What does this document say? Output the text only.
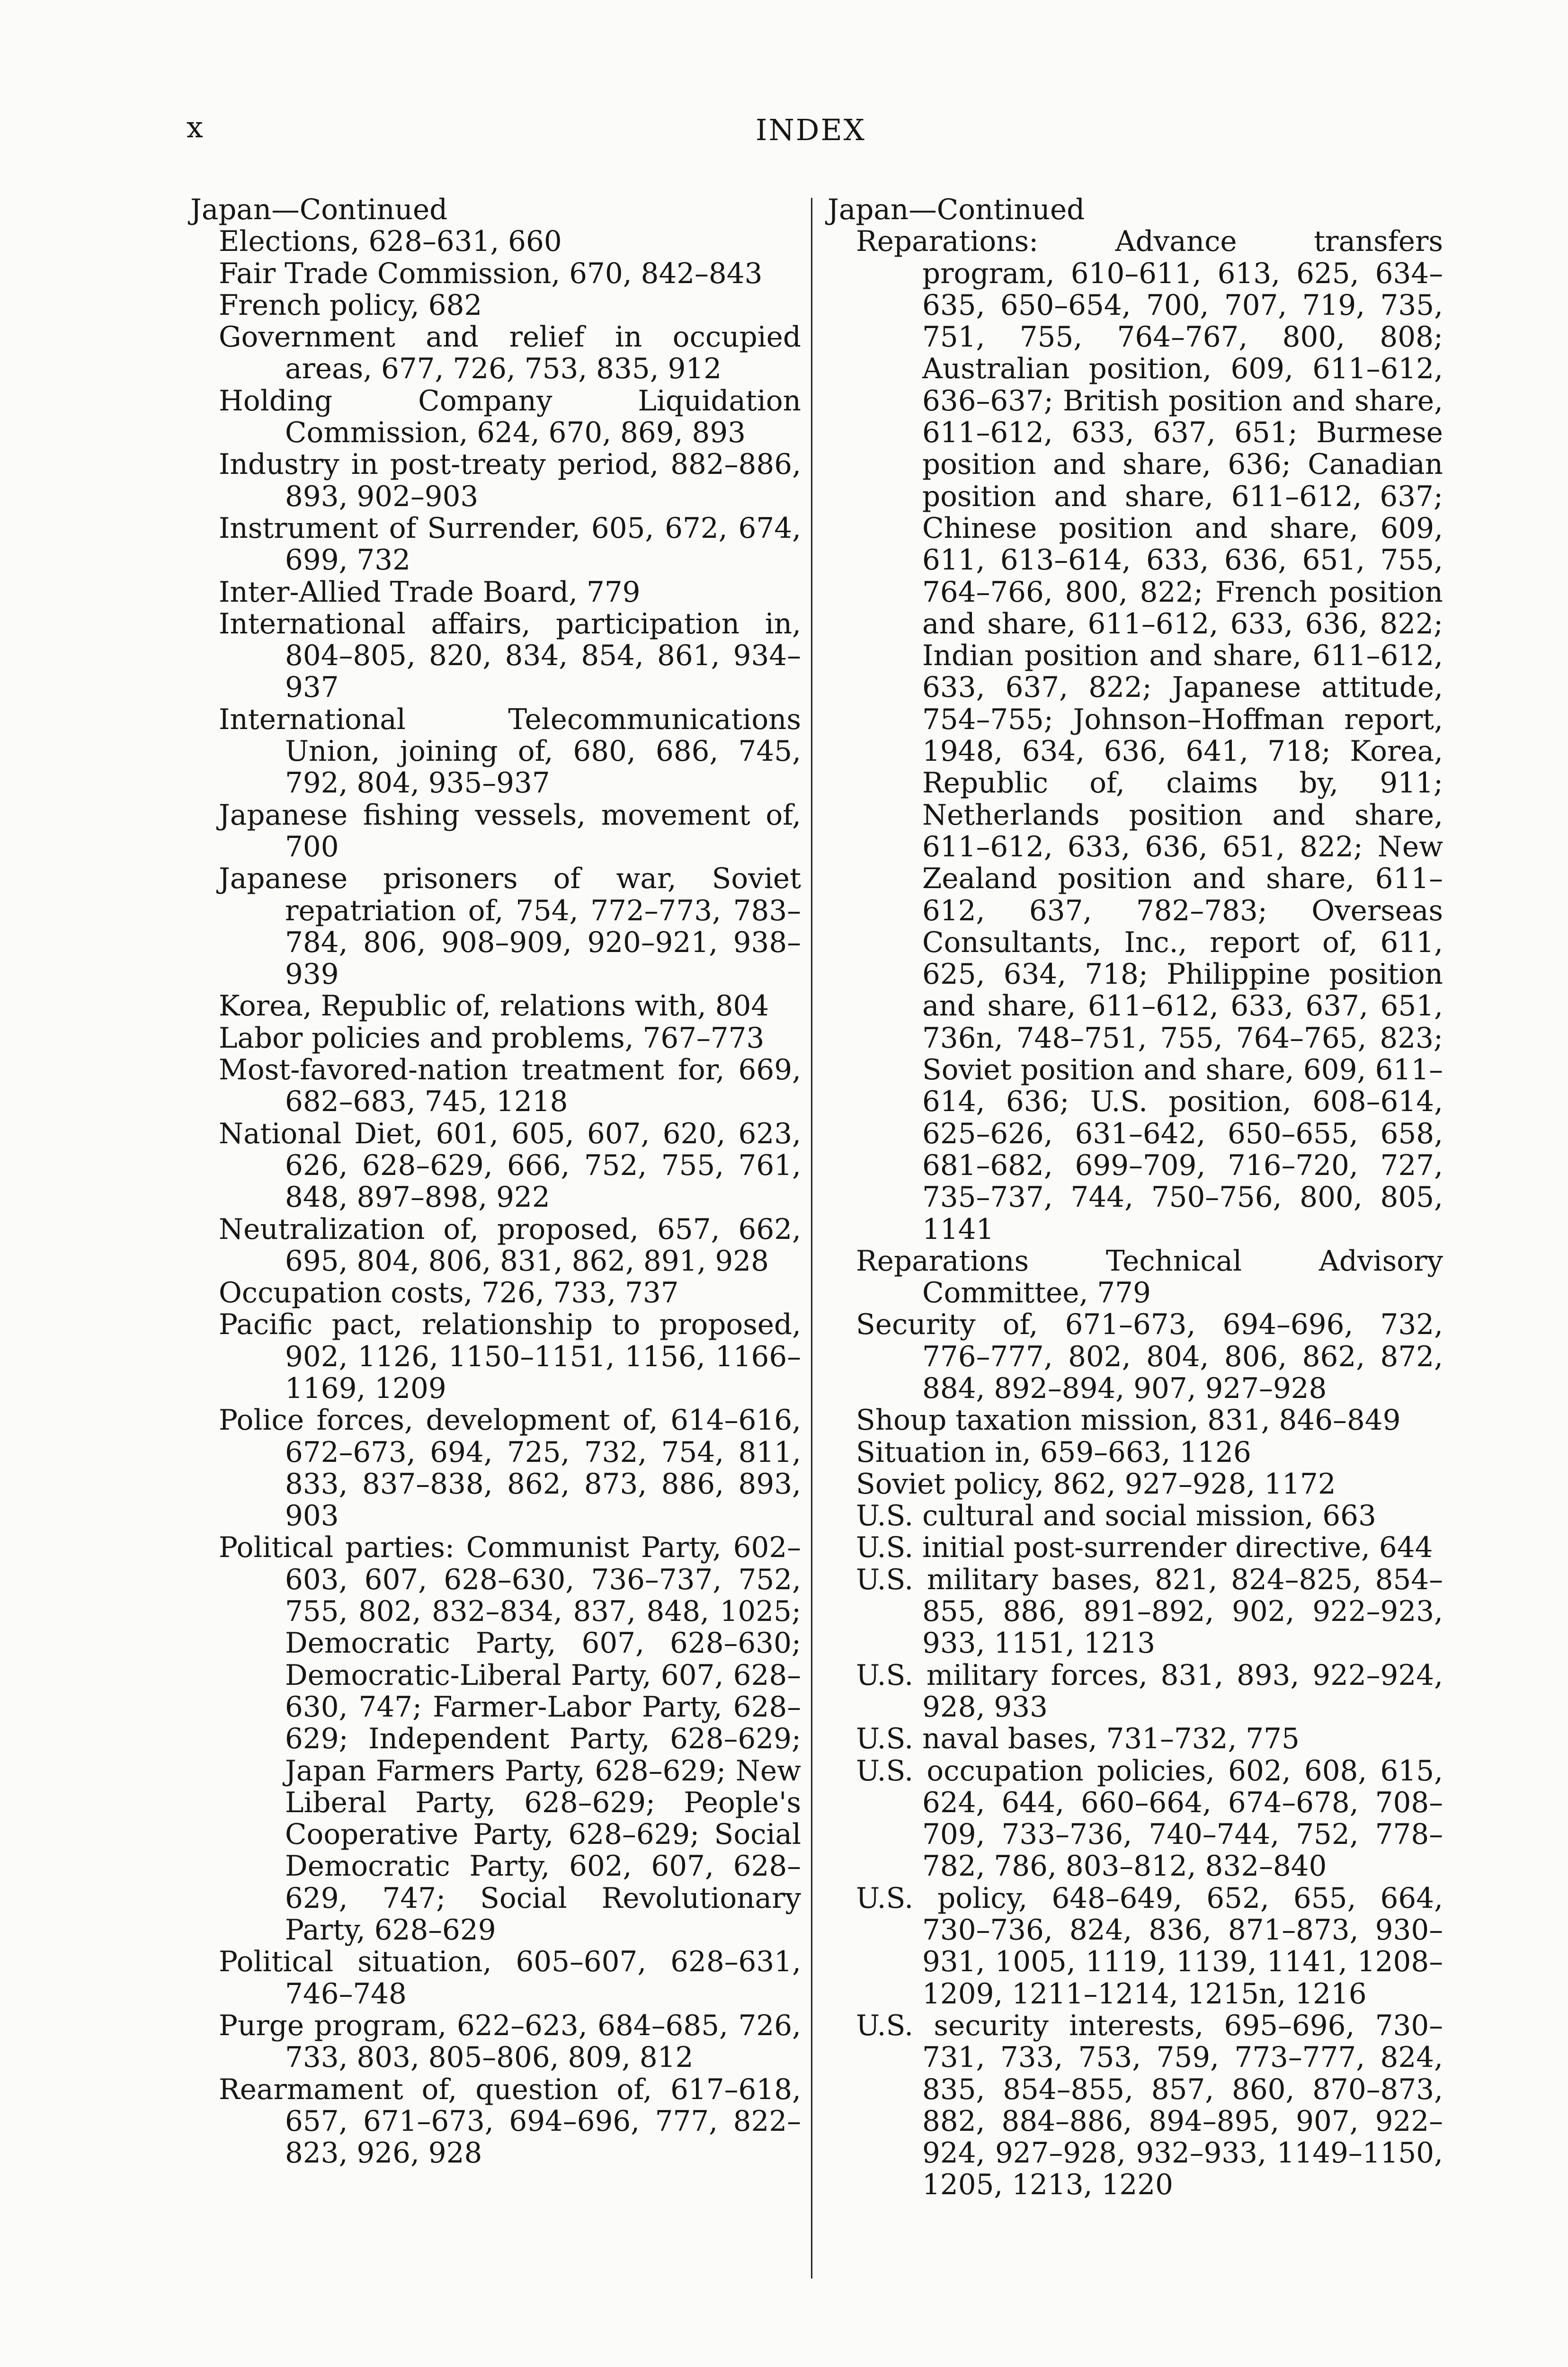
x	INDEX
Japan—Continued
Elections, 628–631, 660
Fair Trade Commission, 670, 842–843
French policy, 682
Government and relief in occupied areas, 677, 726, 753, 835, 912
Holding Company Liquidation Commission, 624, 670, 869, 893
Industry in post-treaty period, 882–886, 893, 902–903
Instrument of Surrender, 605, 672, 674, 699, 732
Inter-Allied Trade Board, 779
International affairs, participation in, 804–805, 820, 834, 854, 861, 934–937
International Telecommunications Union, joining of, 680, 686, 745, 792, 804, 935–937
Japanese fishing vessels, movement of, 700
Japanese prisoners of war, Soviet repatriation of, 754, 772–773, 783–784, 806, 908–909, 920–921, 938–939
Korea, Republic of, relations with, 804
Labor policies and problems, 767–773
Most-favored-nation treatment for, 669, 682–683, 745, 1218
National Diet, 601, 605, 607, 620, 623, 626, 628–629, 666, 752, 755, 761, 848, 897–898, 922
Neutralization of, proposed, 657, 662, 695, 804, 806, 831, 862, 891, 928
Occupation costs, 726, 733, 737
Pacific pact, relationship to proposed, 902, 1126, 1150–1151, 1156, 1166–1169, 1209
Police forces, development of, 614–616, 672–673, 694, 725, 732, 754, 811, 833, 837–838, 862, 873, 886, 893, 903
Political parties: Communist Party, 602–603, 607, 628–630, 736–737, 752, 755, 802, 832–834, 837, 848, 1025; Democratic Party, 607, 628–630; Democratic-Liberal Party, 607, 628–630, 747; Farmer-Labor Party, 628–629; Independent Party, 628–629; Japan Farmers Party, 628–629; New Liberal Party, 628–629; People's Cooperative Party, 628–629; Social Democratic Party, 602, 607, 628–629, 747; Social Revolutionary Party, 628–629
Political situation, 605–607, 628–631, 746–748
Purge program, 622–623, 684–685, 726, 733, 803, 805–806, 809, 812
Rearmament of, question of, 617–618, 657, 671–673, 694–696, 777, 822–823, 926, 928
Japan—Continued
Reparations: Advance transfers program, 610–611, 613, 625, 634–635, 650–654, 700, 707, 719, 735, 751, 755, 764–767, 800, 808; Australian position, 609, 611–612, 636–637; British position and share, 611–612, 633, 637, 651; Burmese position and share, 636; Canadian position and share, 611–612, 637; Chinese position and share, 609, 611, 613–614, 633, 636, 651, 755, 764–766, 800, 822; French position and share, 611–612, 633, 636, 822; Indian position and share, 611–612, 633, 637, 822; Japanese attitude, 754–755; Johnson–Hoffman report, 1948, 634, 636, 641, 718; Korea, Republic of, claims by, 911; Netherlands position and share, 611–612, 633, 636, 651, 822; New Zealand position and share, 611–612, 637, 782–783; Overseas Consultants, Inc., report of, 611, 625, 634, 718; Philippine position and share, 611–612, 633, 637, 651, 736n, 748–751, 755, 764–765, 823; Soviet position and share, 609, 611–614, 636; U.S. position, 608–614, 625–626, 631–642, 650–655, 658, 681–682, 699–709, 716–720, 727, 735–737, 744, 750–756, 800, 805, 1141
Reparations Technical Advisory Committee, 779
Security of, 671–673, 694–696, 732, 776–777, 802, 804, 806, 862, 872, 884, 892–894, 907, 927–928
Shoup taxation mission, 831, 846–849
Situation in, 659–663, 1126
Soviet policy, 862, 927–928, 1172
U.S. cultural and social mission, 663
U.S. initial post-surrender directive, 644
U.S. military bases, 821, 824–825, 854–855, 886, 891–892, 902, 922–923, 933, 1151, 1213
U.S. military forces, 831, 893, 922–924, 928, 933
U.S. naval bases, 731–732, 775
U.S. occupation policies, 602, 608, 615, 624, 644, 660–664, 674–678, 708–709, 733–736, 740–744, 752, 778–782, 786, 803–812, 832–840
U.S. policy, 648–649, 652, 655, 664, 730–736, 824, 836, 871–873, 930–931, 1005, 1119, 1139, 1141, 1208–1209, 1211–1214, 1215n, 1216
U.S. security interests, 695–696, 730–731, 733, 753, 759, 773–777, 824, 835, 854–855, 857, 860, 870–873, 882, 884–886, 894–895, 907, 922–924, 927–928, 932–933, 1149–1150, 1205, 1213, 1220
